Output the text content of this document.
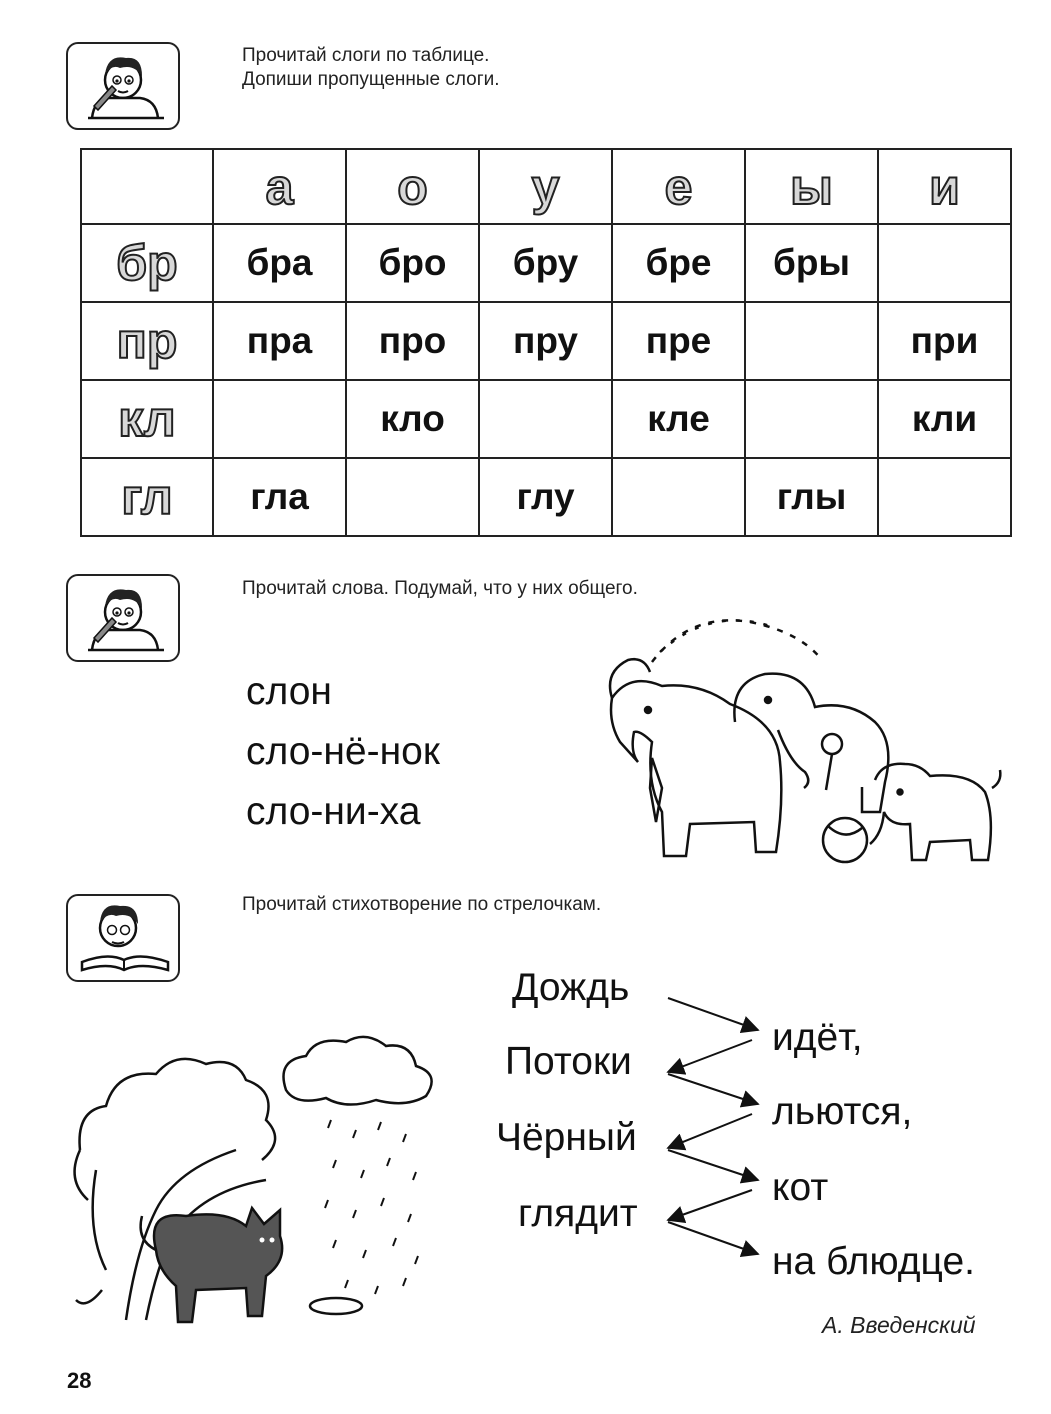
Прочитай слоги по таблице.
Допиши пропущенные слоги.
	а	о	у	е	ы	и
бр	бра	бро	бру	бре	бры	
пр	пра	про	пру	пре		при
кл		кло		кле		кли
гл	гла		глу		глы	
Прочитай слова. Подумай, что у них общего.
слон
сло-нё-нок
сло-ни-ха
Прочитай стихотворение по стрелочкам.
Дождь
Потоки
Чёрный
глядит
идёт,
льются,
кот
на блюдце.
А. Введенский
28
